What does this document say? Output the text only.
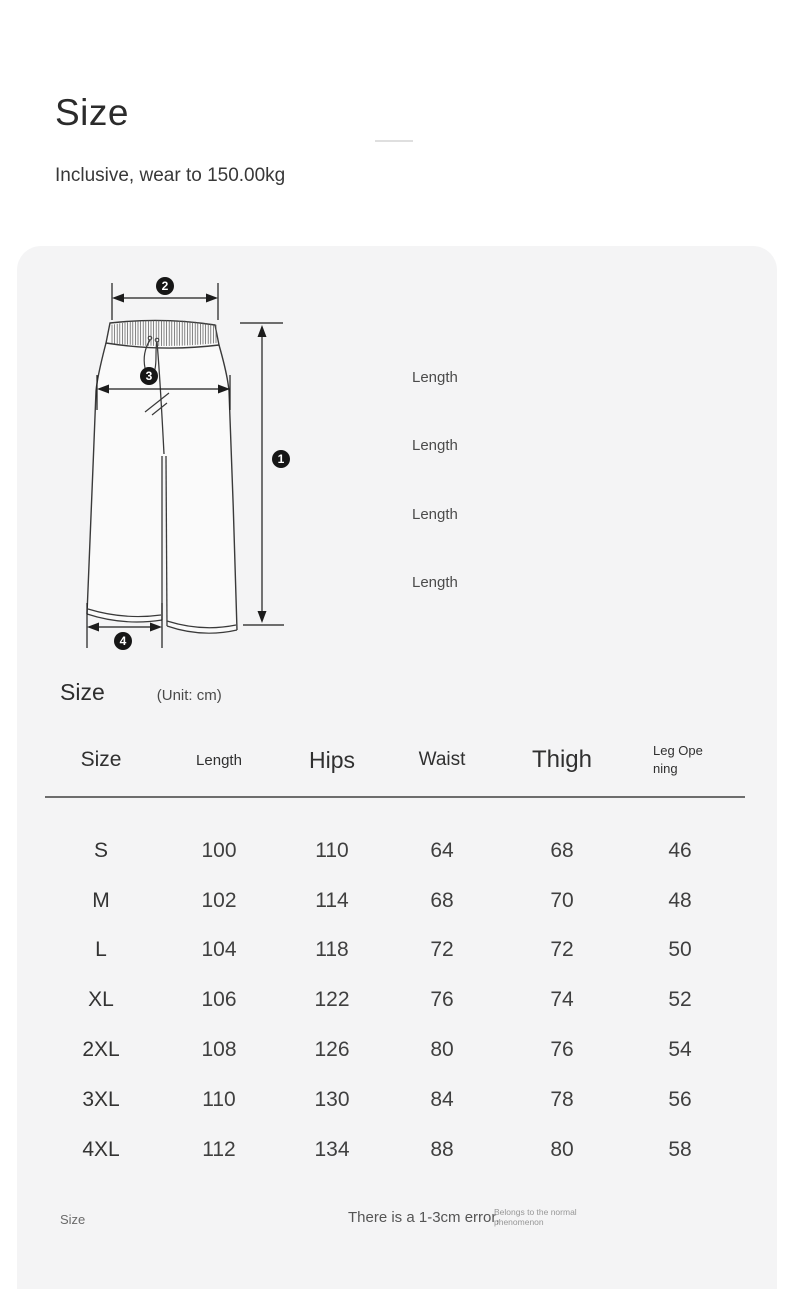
Size
Inclusive, wear to 150.00kg
2
3
1
4
Length
Length
Length
Length
Size	(Unit: cm)
Size	Length	Hips	Waist	Thigh	Leg Opening
S	100	110	64	68	46
M	102	114	68	70	48
L	104	118	72	72	50
XL	106	122	76	74	52
2XL	108	126	80	76	54
3XL	110	130	84	78	56
4XL	112	134	88	80	58
Size	There is a 1-3cm error,
Belongs to the normal phenomenon
